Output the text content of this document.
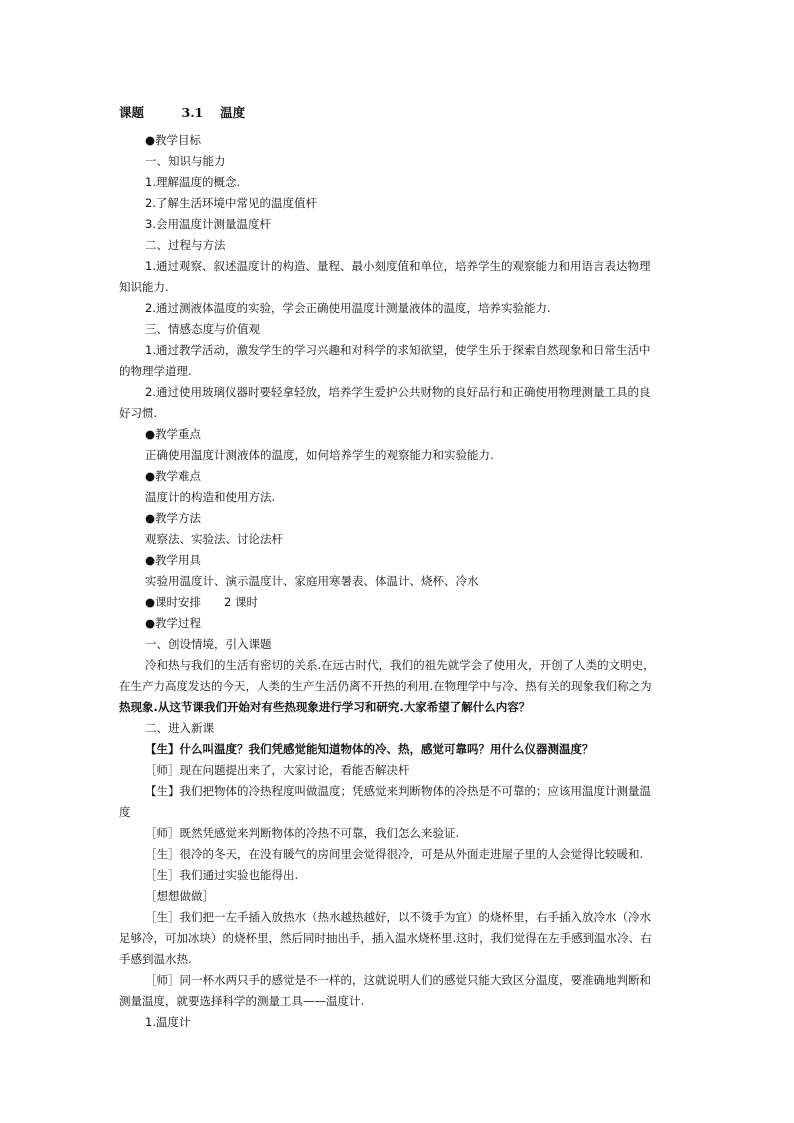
课题　　　3.1　 温度
●教学目标
一、知识与能力
1.理解温度的概念.
2.了解生活环境中常见的温度值杆
3.会用温度计测量温度杆
二、过程与方法
1.通过观察、叙述温度计的构造、量程、最小刻度值和单位，培养学生的观察能力和用语言表达物理
知识能力.
2.通过测液体温度的实验，学会正确使用温度计测量液体的温度，培养实验能力.
三、情感态度与价值观
1.通过教学活动，激发学生的学习兴趣和对科学的求知欲望，使学生乐于探索自然现象和日常生活中
的物理学道理.
2.通过使用玻璃仪器时要轻拿轻放，培养学生爱护公共财物的良好品行和正确使用物理测量工具的良
好习惯.
●教学重点
正确使用温度计测液体的温度，如何培养学生的观察能力和实验能力.
●教学难点
温度计的构造和使用方法.
●教学方法
观察法、实验法、讨论法杆
●教学用具
实验用温度计、演示温度计、家庭用寒暑表、体温计、烧杯、冷水
●课时安排　　2 课时
●教学过程
一、创设情境，引入课题
冷和热与我们的生活有密切的关系.在远古时代，我们的祖先就学会了使用火，开创了人类的文明史，
在生产力高度发达的今天，人类的生产生活仍离不开热的利用.在物理学中与冷、热有关的现象我们称之为
热现象.从这节课我们开始对有些热现象进行学习和研究.大家希望了解什么内容？
二、进入新课
【生】什么叫温度？我们凭感觉能知道物体的冷、热，感觉可靠吗？用什么仪器测温度？
［师］现在问题提出来了，大家讨论，看能否解决杆
【生】我们把物体的冷热程度叫做温度；凭感觉来判断物体的冷热是不可靠的；应该用温度计测量温
度
［师］既然凭感觉来判断物体的冷热不可靠，我们怎么来验证.
［生］很冷的冬天，在没有暖气的房间里会觉得很冷，可是从外面走进屋子里的人会觉得比较暖和.
［生］我们通过实验也能得出.
［想想做做］
［生］我们把一左手插入放热水（热水越热越好，以不烫手为宜）的烧杯里，右手插入放冷水（冷水
足够冷，可加冰块）的烧杯里，然后同时抽出手，插入温水烧杯里.这时，我们觉得在左手感到温水冷、右
手感到温水热.
［师］同一杯水两只手的感觉是不一样的，这就说明人们的感觉只能大致区分温度，要准确地判断和
测量温度，就要选择科学的测量工具——温度计.
1.温度计
